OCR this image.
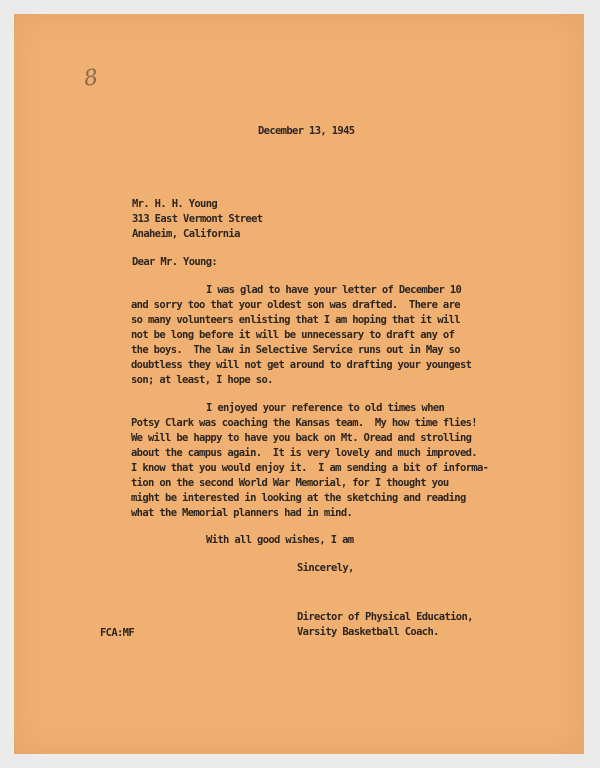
8
December 13, 1945
Mr. H. H. Young
313 East Vermont Street
Anaheim, California
Dear Mr. Young:
I was glad to have your letter of December 10
and sorry too that your oldest son was drafted.  There are
so many volunteers enlisting that I am hoping that it will
not be long before it will be unnecessary to draft any of
the boys.  The law in Selective Service runs out in May so
doubtless they will not get around to drafting your youngest
son; at least, I hope so.
I enjoyed your reference to old times when
Potsy Clark was coaching the Kansas team.  My how time flies!
We will be happy to have you back on Mt. Oread and strolling
about the campus again.  It is very lovely and much improved.
I know that you would enjoy it.  I am sending a bit of informa-
tion on the second World War Memorial, for I thought you
might be interested in looking at the sketching and reading
what the Memorial planners had in mind.
With all good wishes, I am
Sincerely,
Director of Physical Education,
Varsity Basketball Coach.
FCA:MF
